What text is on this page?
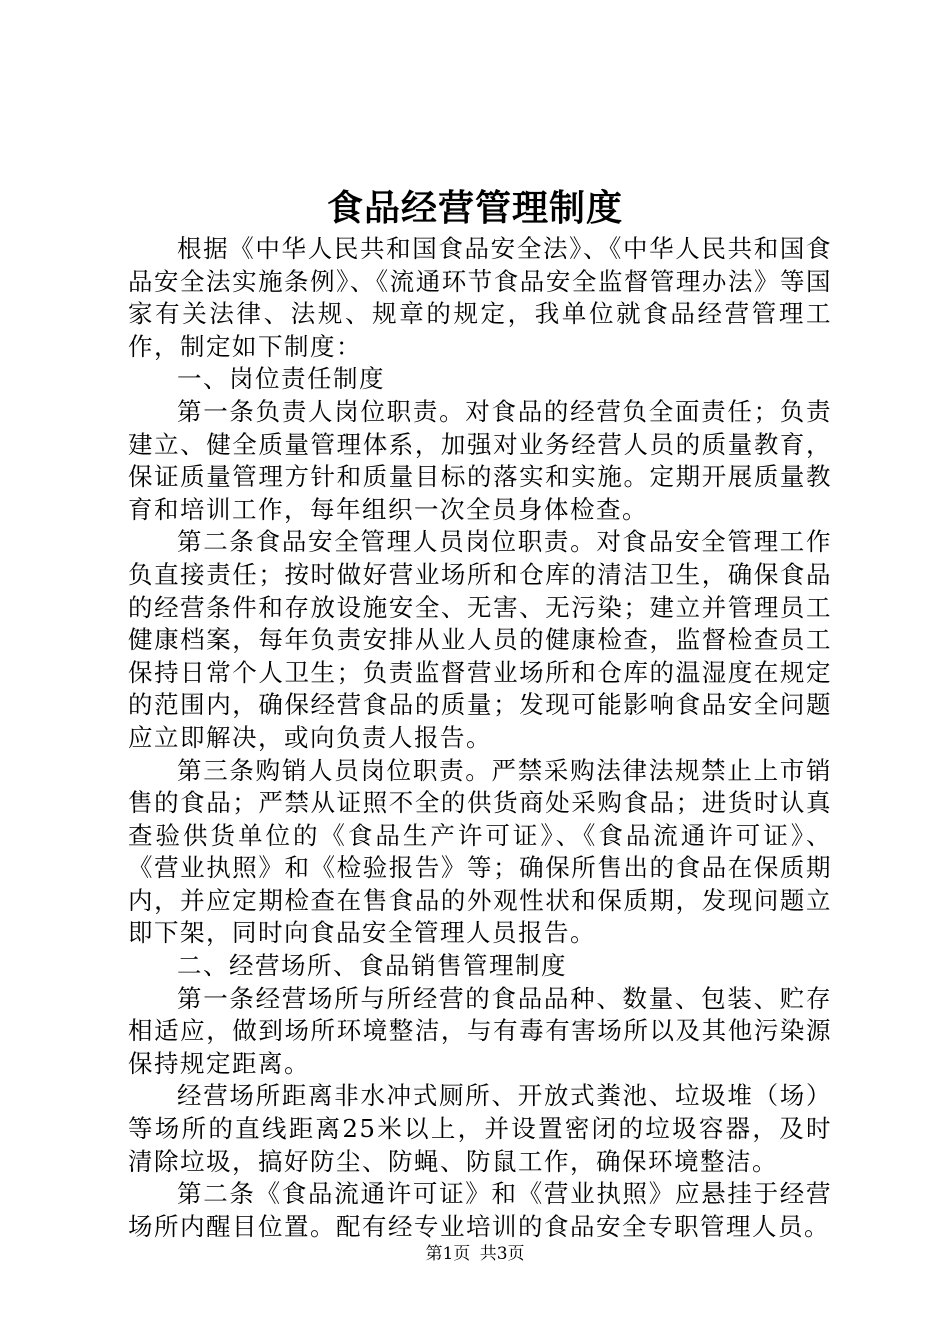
食品经营管理制度

根据《中华人民共和国食品安全法》、《中华人民共和国食品安全法实施条例》、《流通环节食品安全监督管理办法》等国家有关法律、法规、规章的规定，我单位就食品经营管理工作，制定如下制度：

一、岗位责任制度

第一条负责人岗位职责。对食品的经营负全面责任；负责建立、健全质量管理体系，加强对业务经营人员的质量教育，保证质量管理方针和质量目标的落实和实施。定期开展质量教育和培训工作，每年组织一次全员身体检查。

第二条食品安全管理人员岗位职责。对食品安全管理工作负直接责任；按时做好营业场所和仓库的清洁卫生，确保食品的经营条件和存放设施安全、无害、无污染；建立并管理员工健康档案，每年负责安排从业人员的健康检查，监督检查员工保持日常个人卫生；负责监督营业场所和仓库的温湿度在规定的范围内，确保经营食品的质量；发现可能影响食品安全问题应立即解决，或向负责人报告。

第三条购销人员岗位职责。严禁采购法律法规禁止上市销售的食品；严禁从证照不全的供货商处采购食品；进货时认真查验供货单位的《食品生产许可证》、《食品流通许可证》、《营业执照》和《检验报告》等；确保所售出的食品在保质期内，并应定期检查在售食品的外观性状和保质期，发现问题立即下架，同时向食品安全管理人员报告。

二、经营场所、食品销售管理制度

第一条经营场所与所经营的食品品种、数量、包装、贮存相适应，做到场所环境整洁，与有毒有害场所以及其他污染源保持规定距离。

经营场所距离非水冲式厕所、开放式粪池、垃圾堆（场）等场所的直线距离25米以上，并设置密闭的垃圾容器，及时清除垃圾，搞好防尘、防蝇、防鼠工作，确保环境整洁。

第二条《食品流通许可证》和《营业执照》应悬挂于经营场所内醒目位置。配有经专业培训的食品安全专职管理人员。

第1页 共3页
